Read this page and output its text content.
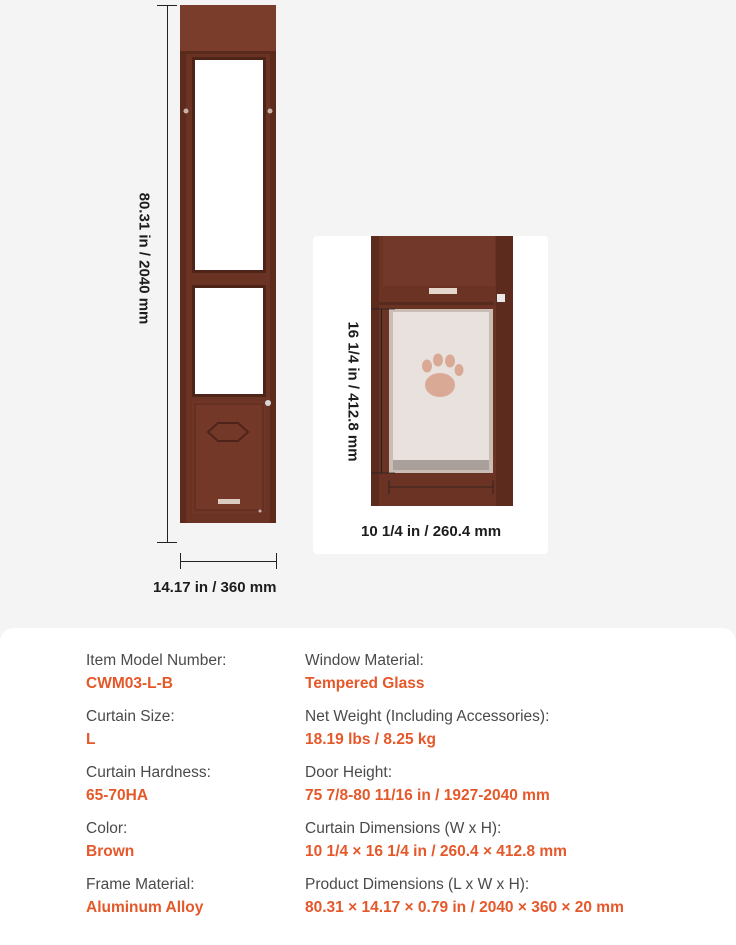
80.31 in / 2040 mm
14.17 in / 360 mm
16 1/4 in / 412.8 mm
10 1/4 in / 260.4 mm
Item Model Number:
CWM03-L-B
Curtain Size:
L
Curtain Hardness:
65-70HA
Color:
Brown
Frame Material:
Aluminum Alloy
Window Material:
Tempered Glass
Net Weight (Including Accessories):
18.19 lbs / 8.25 kg
Door Height:
75 7/8-80 11/16 in / 1927-2040 mm
Curtain Dimensions (W x H):
10 1/4 × 16 1/4 in / 260.4 × 412.8 mm
Product Dimensions (L x W x H):
80.31 × 14.17 × 0.79 in / 2040 × 360 × 20 mm
